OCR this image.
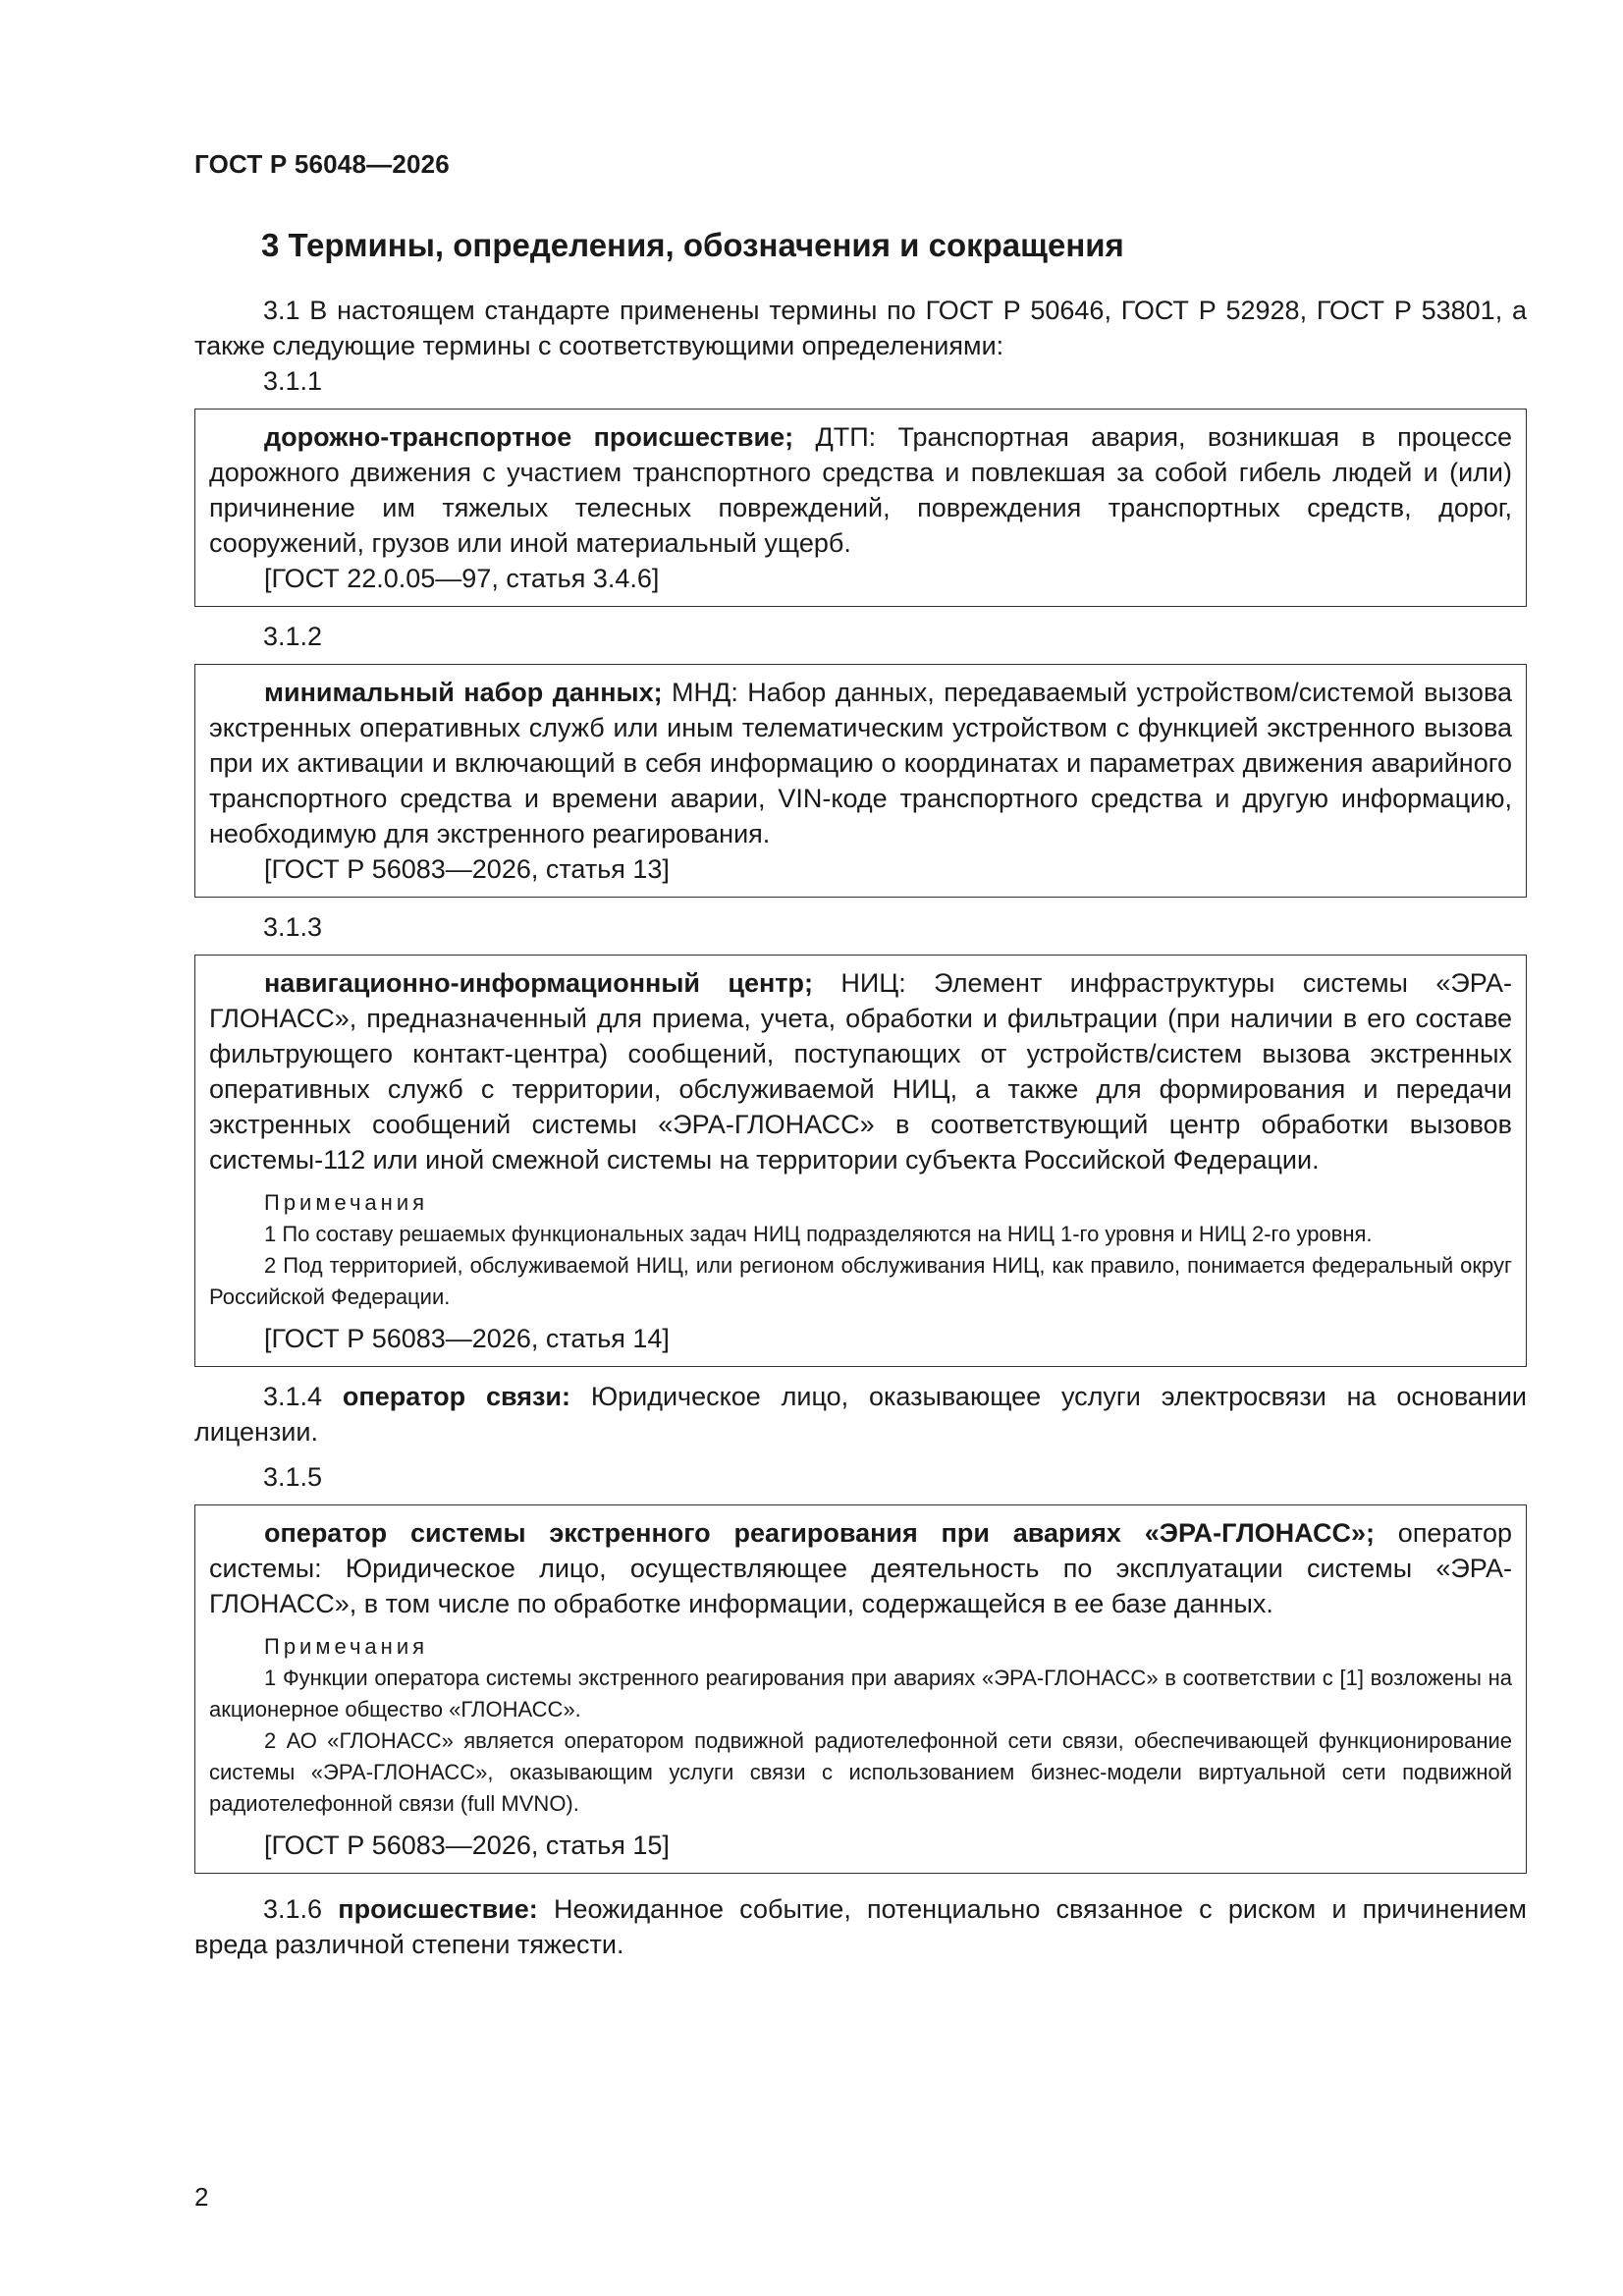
ГОСТ Р 56048—2026
3 Термины, определения, обозначения и сокращения

3.1 В настоящем стандарте применены термины по ГОСТ Р 50646, ГОСТ Р 52928, ГОСТ Р 53801, а также следующие термины с соответствующими определениями:

3.1.1

дорожно-транспортное происшествие; ДТП: Транспортная авария, возникшая в процессе дорожного движения с участием транспортного средства и повлекшая за собой гибель людей и (или) причинение им тяжелых телесных повреждений, повреждения транспортных средств, дорог, сооружений, грузов или иной материальный ущерб.

[ГОСТ 22.0.05—97, статья 3.4.6]

3.1.2

минимальный набор данных; МНД: Набор данных, передаваемый устройством/системой вызова экстренных оперативных служб или иным телематическим устройством с функцией экстренного вызова при их активации и включающий в себя информацию о координатах и параметрах движения аварийного транспортного средства и времени аварии, VIN-коде транспортного средства и другую информацию, необходимую для экстренного реагирования.

[ГОСТ Р 56083—2026, статья 13]

3.1.3

навигационно-информационный центр; НИЦ: Элемент инфраструктуры системы «ЭРА-ГЛОНАСС», предназначенный для приема, учета, обработки и фильтрации (при наличии в его составе фильтрующего контакт-центра) сообщений, поступающих от устройств/систем вызова экстренных оперативных служб с территории, обслуживаемой НИЦ, а также для формирования и передачи экстренных сообщений системы «ЭРА-ГЛОНАСС» в соответствующий центр обработки вызовов системы-112 или иной смежной системы на территории субъекта Российской Федерации.

Примечания

1 По составу решаемых функциональных задач НИЦ подразделяются на НИЦ 1-го уровня и НИЦ 2-го уровня.

2 Под территорией, обслуживаемой НИЦ, или регионом обслуживания НИЦ, как правило, понимается федеральный округ Российской Федерации.

[ГОСТ Р 56083—2026, статья 14]

3.1.4 оператор связи: Юридическое лицо, оказывающее услуги электросвязи на основании лицензии.

3.1.5

оператор системы экстренного реагирования при авариях «ЭРА-ГЛОНАСС»; оператор системы: Юридическое лицо, осуществляющее деятельность по эксплуатации системы «ЭРА-ГЛОНАСС», в том числе по обработке информации, содержащейся в ее базе данных.

Примечания

1 Функции оператора системы экстренного реагирования при авариях «ЭРА-ГЛОНАСС» в соответствии с [1] возложены на акционерное общество «ГЛОНАСС».

2 АО «ГЛОНАСС» является оператором подвижной радиотелефонной сети связи, обеспечивающей функционирование системы «ЭРА-ГЛОНАСС», оказывающим услуги связи с использованием бизнес-модели виртуальной сети подвижной радиотелефонной связи (full MVNO).

[ГОСТ Р 56083—2026, статья 15]

3.1.6 происшествие: Неожиданное событие, потенциально связанное с риском и причинением вреда различной степени тяжести.

2
